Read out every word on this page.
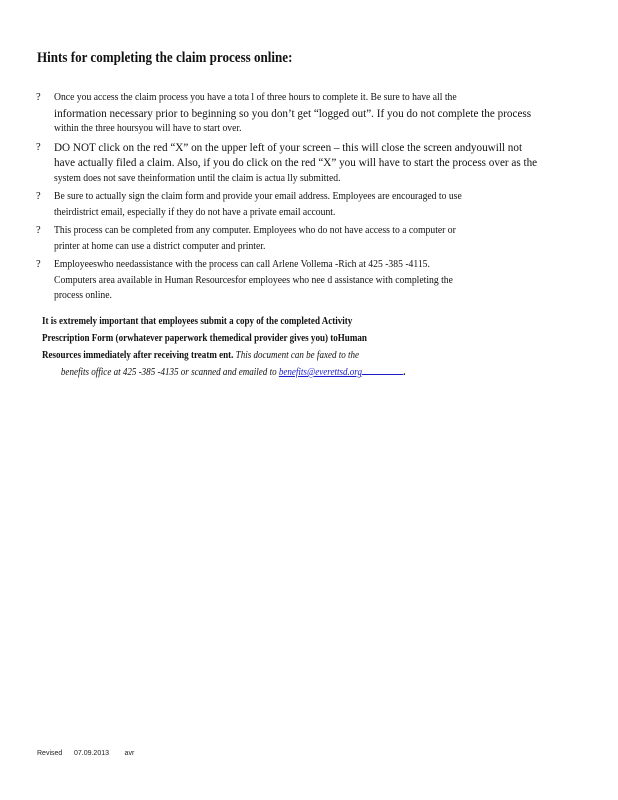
Hints for completing the claim process online:
? Once you access the claim process you have a tota l of three hours to complete it. Be sure to have all the
information necessary prior to beginning so you don’t get “logged out”. If you do not complete the process
within the three hoursyou will have to start over.
? DO NOT click on the red “X” on the upper left of your screen – this will close the screen andyouwill not
have actually filed a claim. Also, if you do click on the red “X” you will have to start the process over as the
system does not save theinformation until the claim is actua lly submitted.
? Be sure to actually sign the claim form and provide your email address. Employees are encouraged to use
theirdistrict email, especially if they do not have a private email account.
? This process can be completed from any computer. Employees who do not have access to a computer or
printer at home can use a district computer and printer.
? Employeeswho needassistance with the process can call Arlene Vollema -Rich at 425 -385 -4115.
Computers area available in Human Resourcesfor employees who nee d assistance with completing the
process online.
It is extremely important that employees submit a copy of the completed Activity
Prescription Form (orwhatever paperwork themedical provider gives you) toHuman
Resources immediately after receiving treatm ent. This document can be faxed to the
benefits office at 425 -385 -4135 or scanned and emailed to benefits@everettsd.org	.
Revised      07.09.2013        avr
